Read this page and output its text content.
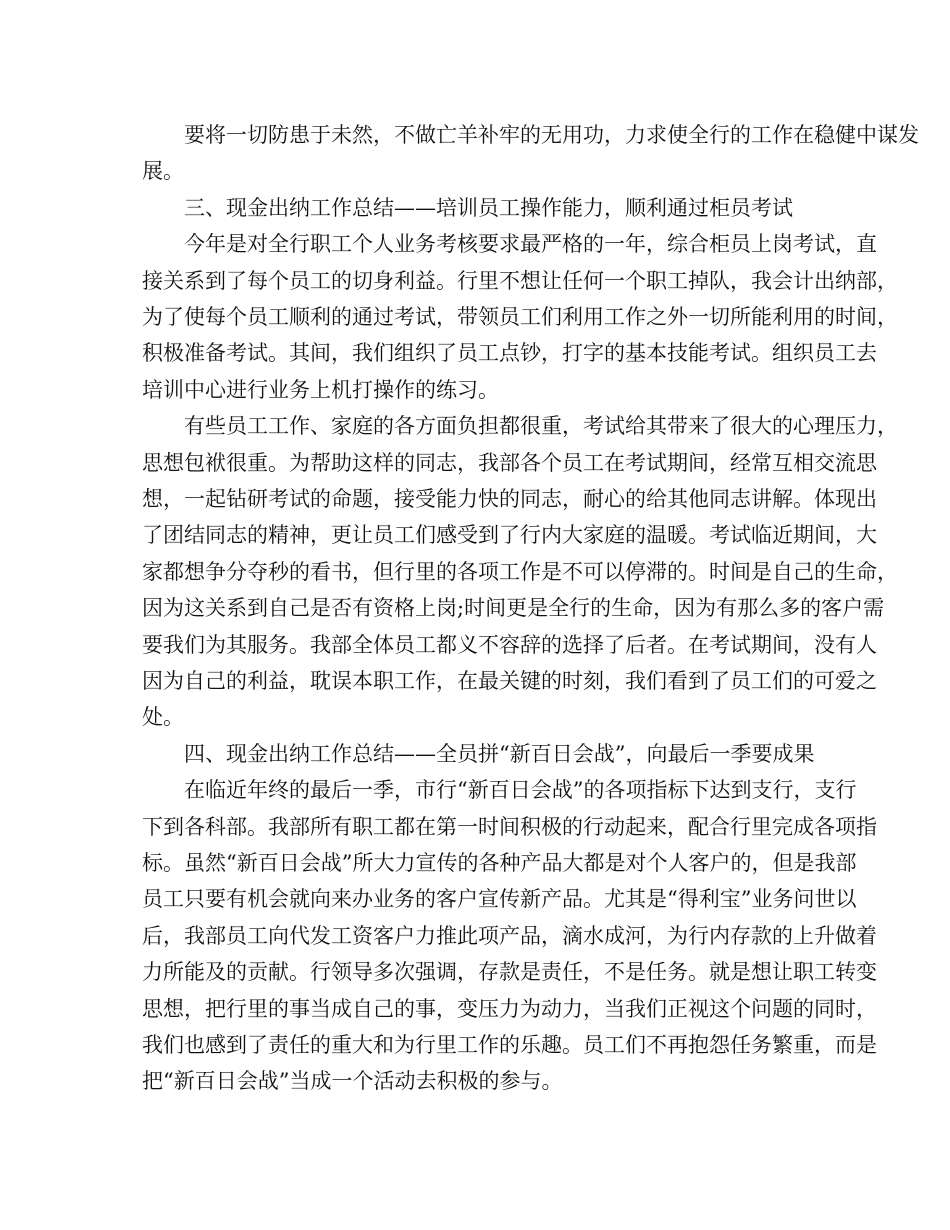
要将一切防患于未然，不做亡羊补牢的无用功，力求使全行的工作在稳健中谋发
展。
三、现金出纳工作总结——培训员工操作能力，顺利通过柜员考试
今年是对全行职工个人业务考核要求最严格的一年，综合柜员上岗考试，直
接关系到了每个员工的切身利益。行里不想让任何一个职工掉队，我会计出纳部，
为了使每个员工顺利的通过考试，带领员工们利用工作之外一切所能利用的时间，
积极准备考试。其间，我们组织了员工点钞，打字的基本技能考试。组织员工去
培训中心进行业务上机打操作的练习。
有些员工工作、家庭的各方面负担都很重，考试给其带来了很大的心理压力，
思想包袱很重。为帮助这样的同志，我部各个员工在考试期间，经常互相交流思
想，一起钻研考试的命题，接受能力快的同志，耐心的给其他同志讲解。体现出
了团结同志的精神，更让员工们感受到了行内大家庭的温暖。考试临近期间，大
家都想争分夺秒的看书，但行里的各项工作是不可以停滞的。时间是自己的生命，
因为这关系到自己是否有资格上岗;时间更是全行的生命，因为有那么多的客户需
要我们为其服务。我部全体员工都义不容辞的选择了后者。在考试期间，没有人
因为自己的利益，耽误本职工作，在最关键的时刻，我们看到了员工们的可爱之
处。
四、现金出纳工作总结——全员拼“新百日会战”，向最后一季要成果
在临近年终的最后一季，市行“新百日会战”的各项指标下达到支行，支行
下到各科部。我部所有职工都在第一时间积极的行动起来，配合行里完成各项指
标。虽然“新百日会战”所大力宣传的各种产品大都是对个人客户的，但是我部
员工只要有机会就向来办业务的客户宣传新产品。尤其是“得利宝”业务问世以
后，我部员工向代发工资客户力推此项产品，滴水成河，为行内存款的上升做着
力所能及的贡献。行领导多次强调，存款是责任，不是任务。就是想让职工转变
思想，把行里的事当成自己的事，变压力为动力，当我们正视这个问题的同时，
我们也感到了责任的重大和为行里工作的乐趣。员工们不再抱怨任务繁重，而是
把“新百日会战”当成一个活动去积极的参与。
